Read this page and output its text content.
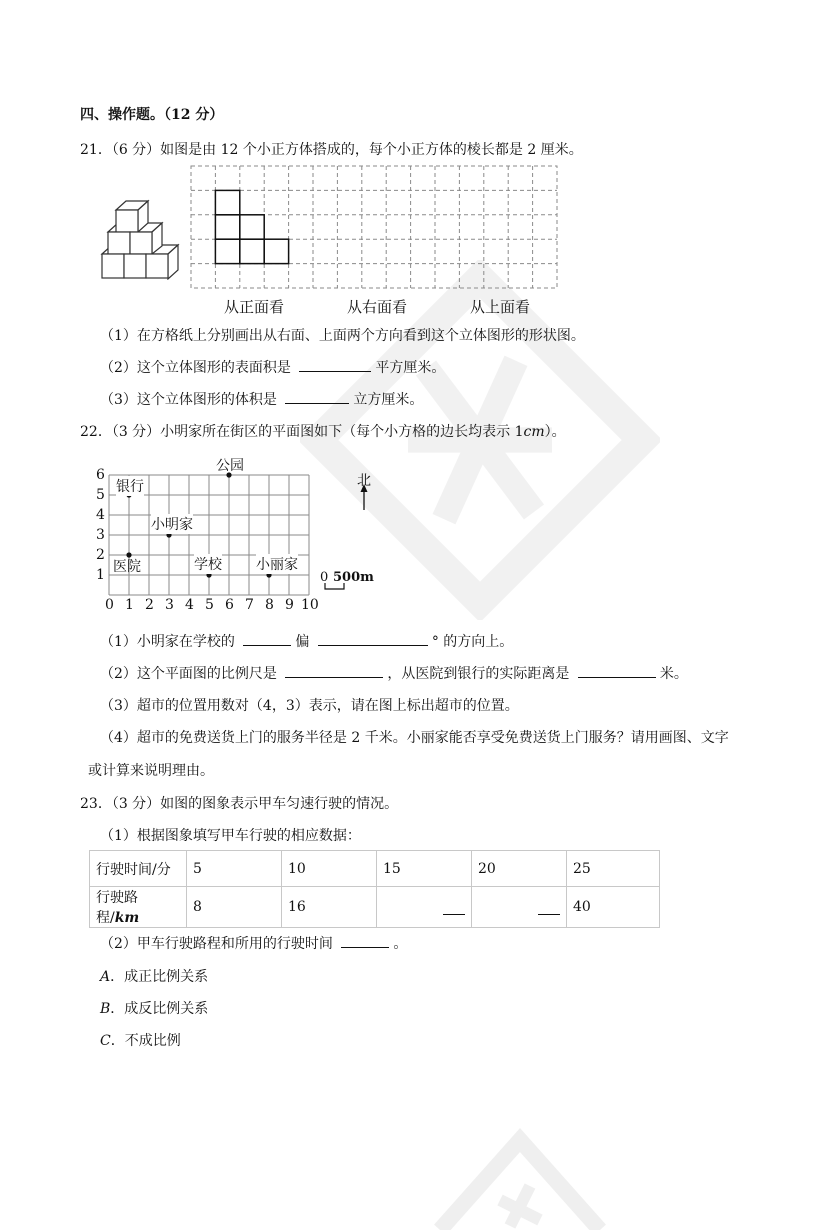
四、操作题。（12 分）
21．（6 分）如图是由 12 个小正方体搭成的，每个小正方体的棱长都是 2 厘米。
从正面看	从右面看	从上面看
（1）在方格纸上分别画出从右面、上面两个方向看到这个立体图形的形状图。
（2）这个立体图形的表面积是	平方厘米。
（3）这个立体图形的体积是	立方厘米。
22．（3 分）小明家所在街区的平面图如下（每个小方格的边长均表示 1cm）。
6
5
4
3
2
1
0 1 2 3 4 5 6 7 8 9 10
公园
银行
小明家
医院	学校 小丽家
北
0 500m
（1）小明家在学校的	偏	° 的方向上。
（2）这个平面图的比例尺是	，从医院到银行的实际距离是	米。
（3）超市的位置用数对（4，3）表示，请在图上标出超市的位置。
（4）超市的免费送货上门的服务半径是 2 千米。小丽家能否享受免费送货上门服务？请用画图、文字
或计算来说明理由。
23．（3 分）如图的图象表示甲车匀速行驶的情况。
（1）根据图象填写甲车行驶的相应数据：
行驶时间/分	5	10	15	20	25
行驶路程/km	8	16			40
（2）甲车行驶路程和所用的行驶时间	。
A．成正比例关系
B．成反比例关系
C．不成比例
